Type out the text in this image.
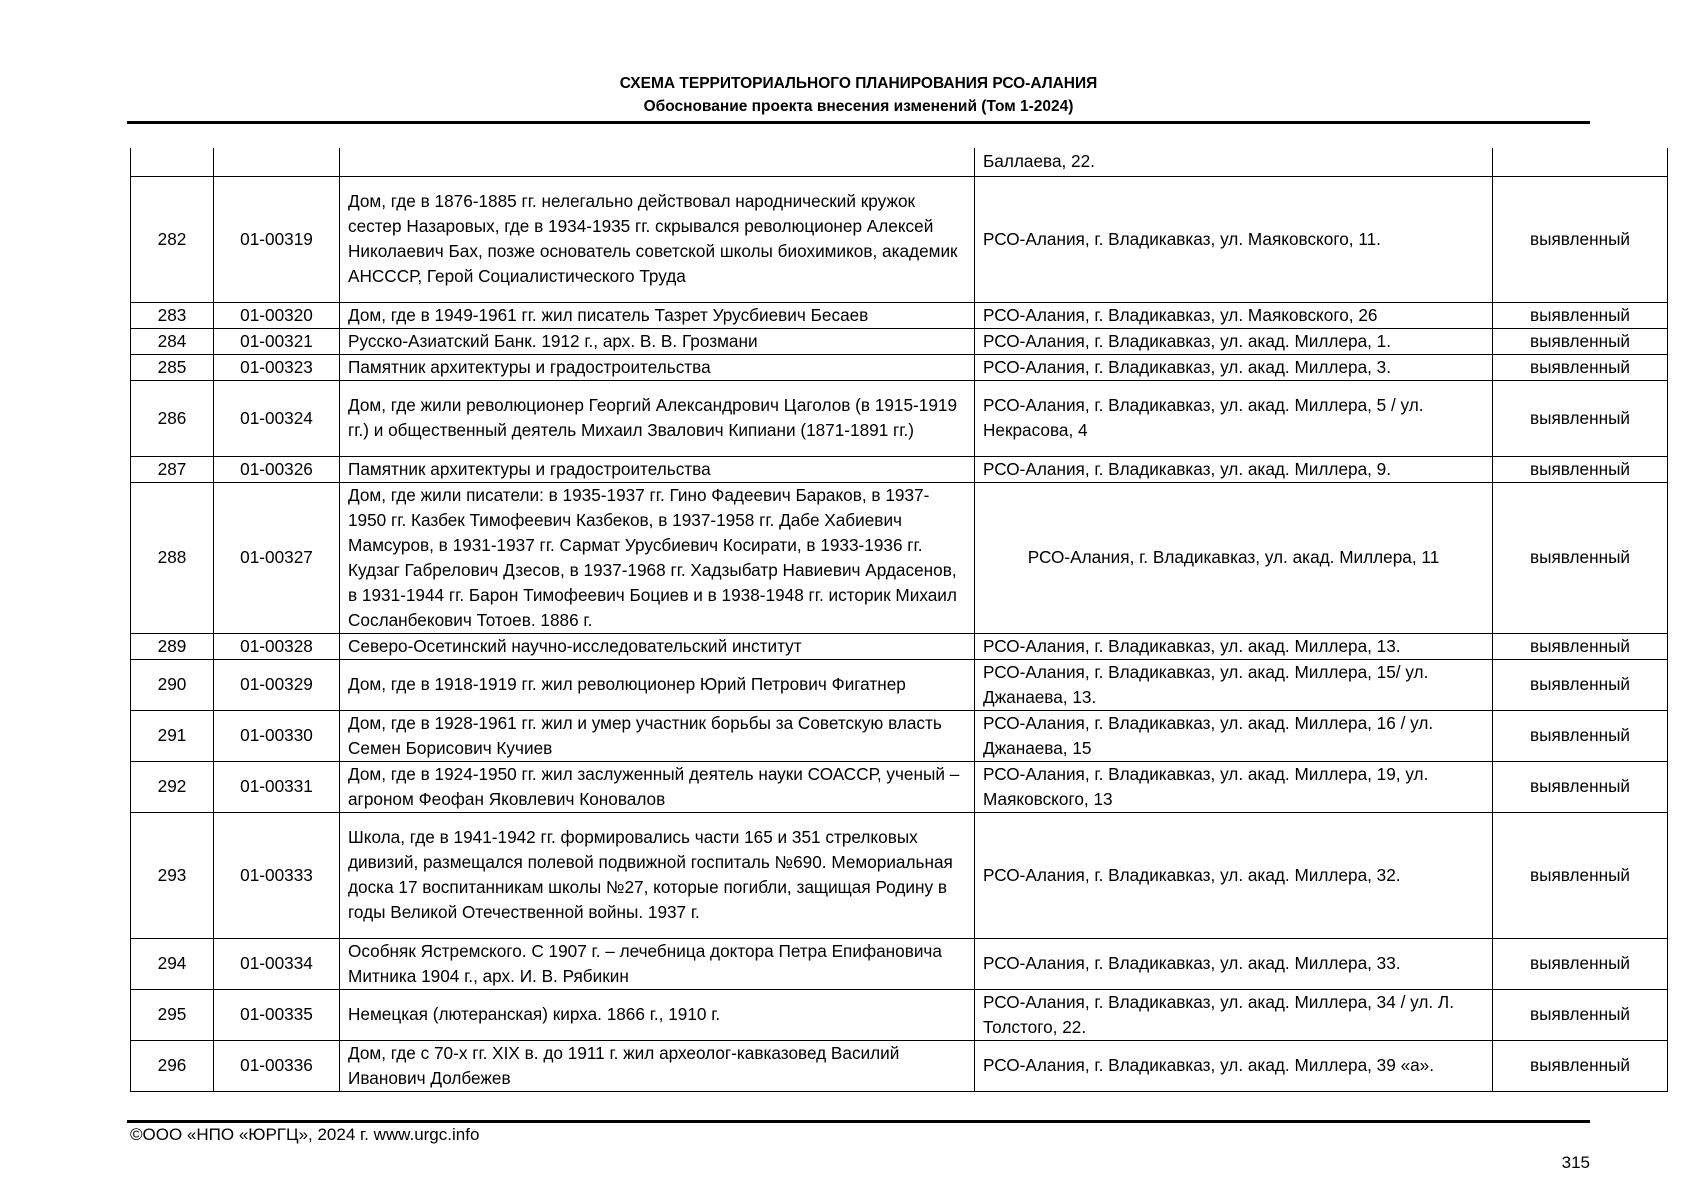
СХЕМА ТЕРРИТОРИАЛЬНОГО ПЛАНИРОВАНИЯ РСО-АЛАНИЯ
Обоснование проекта внесения изменений (Том 1-2024)
			Баллаева, 22.	
282	01-00319	Дом, где в 1876-1885 гг. нелегально действовал народнический кружок сестер Назаровых, где в 1934-1935 гг. скрывался революционер Алексей Николаевич Бах, позже основатель советской школы биохимиков, академик АНСССР, Герой Социалистического Труда	РСО-Алания, г. Владикавказ, ул. Маяковского, 11.	выявленный
283	01-00320	Дом, где в 1949-1961 гг. жил писатель Тазрет Урусбиевич Бесаев	РСО-Алания, г. Владикавказ, ул. Маяковского, 26	выявленный
284	01-00321	Русско-Азиатский Банк. 1912 г., арх. В. В. Грозмани	РСО-Алания, г. Владикавказ, ул. акад. Миллера, 1.	выявленный
285	01-00323	Памятник архитектуры и градостроительства	РСО-Алания, г. Владикавказ, ул. акад. Миллера, 3.	выявленный
286	01-00324	Дом, где жили революционер Георгий Александрович Цаголов (в 1915-1919 гг.) и общественный деятель Михаил Звалович Кипиани (1871-1891 гг.)	РСО-Алания, г. Владикавказ, ул. акад. Миллера, 5 / ул. Некрасова, 4	выявленный
287	01-00326	Памятник архитектуры и градостроительства	РСО-Алания, г. Владикавказ, ул. акад. Миллера, 9.	выявленный
288	01-00327	Дом, где жили писатели: в 1935-1937 гг. Гино Фадеевич Бараков, в 1937-1950 гг. Казбек Тимофеевич Казбеков, в 1937-1958 гг. Дабе Хабиевич Мамсуров, в 1931-1937 гг. Сармат Урусбиевич Косирати, в 1933-1936 гг. Кудзаг Габрелович Дзесов, в 1937-1968 гг. Хадзыбатр Навиевич Ардасенов, в 1931-1944 гг. Барон Тимофеевич Боциев и в 1938-1948 гг. историк Михаил Сосланбекович Тотоев. 1886 г.	РСО-Алания, г. Владикавказ, ул. акад. Миллера, 11	выявленный
289	01-00328	Северо-Осетинский научно-исследовательский институт	РСО-Алания, г. Владикавказ, ул. акад. Миллера, 13.	выявленный
290	01-00329	Дом, где в 1918-1919 гг. жил революционер Юрий Петрович Фигатнер	РСО-Алания, г. Владикавказ, ул. акад. Миллера, 15/ ул. Джанаева, 13.	выявленный
291	01-00330	Дом, где в 1928-1961 гг. жил и умер участник борьбы за Советскую власть Семен Борисович Кучиев	РСО-Алания, г. Владикавказ, ул. акад. Миллера, 16 / ул. Джанаева, 15	выявленный
292	01-00331	Дом, где в 1924-1950 гг. жил заслуженный деятель науки СОАССР, ученый – агроном Феофан Яковлевич Коновалов	РСО-Алания, г. Владикавказ, ул. акад. Миллера, 19, ул. Маяковского, 13	выявленный
293	01-00333	Школа, где в 1941-1942 гг. формировались части 165 и 351 стрелковых дивизий, размещался полевой подвижной госпиталь №690. Мемориальная доска 17 воспитанникам школы №27, которые погибли, защищая Родину в годы Великой Отечественной войны. 1937 г.	РСО-Алания, г. Владикавказ, ул. акад. Миллера, 32.	выявленный
294	01-00334	Особняк Ястремского. С 1907 г. – лечебница доктора Петра Епифановича Митника 1904 г., арх. И. В. Рябикин	РСО-Алания, г. Владикавказ, ул. акад. Миллера, 33.	выявленный
295	01-00335	Немецкая (лютеранская) кирха. 1866 г., 1910 г.	РСО-Алания, г. Владикавказ, ул. акад. Миллера, 34 / ул. Л. Толстого, 22.	выявленный
296	01-00336	Дом, где с 70-х гг. XIX в. до 1911 г. жил археолог-кавказовед Василий Иванович Долбежев	РСО-Алания, г. Владикавказ, ул. акад. Миллера, 39 «а».	выявленный
©ООО «НПО «ЮРГЦ», 2024 г. www.urgc.info
315
